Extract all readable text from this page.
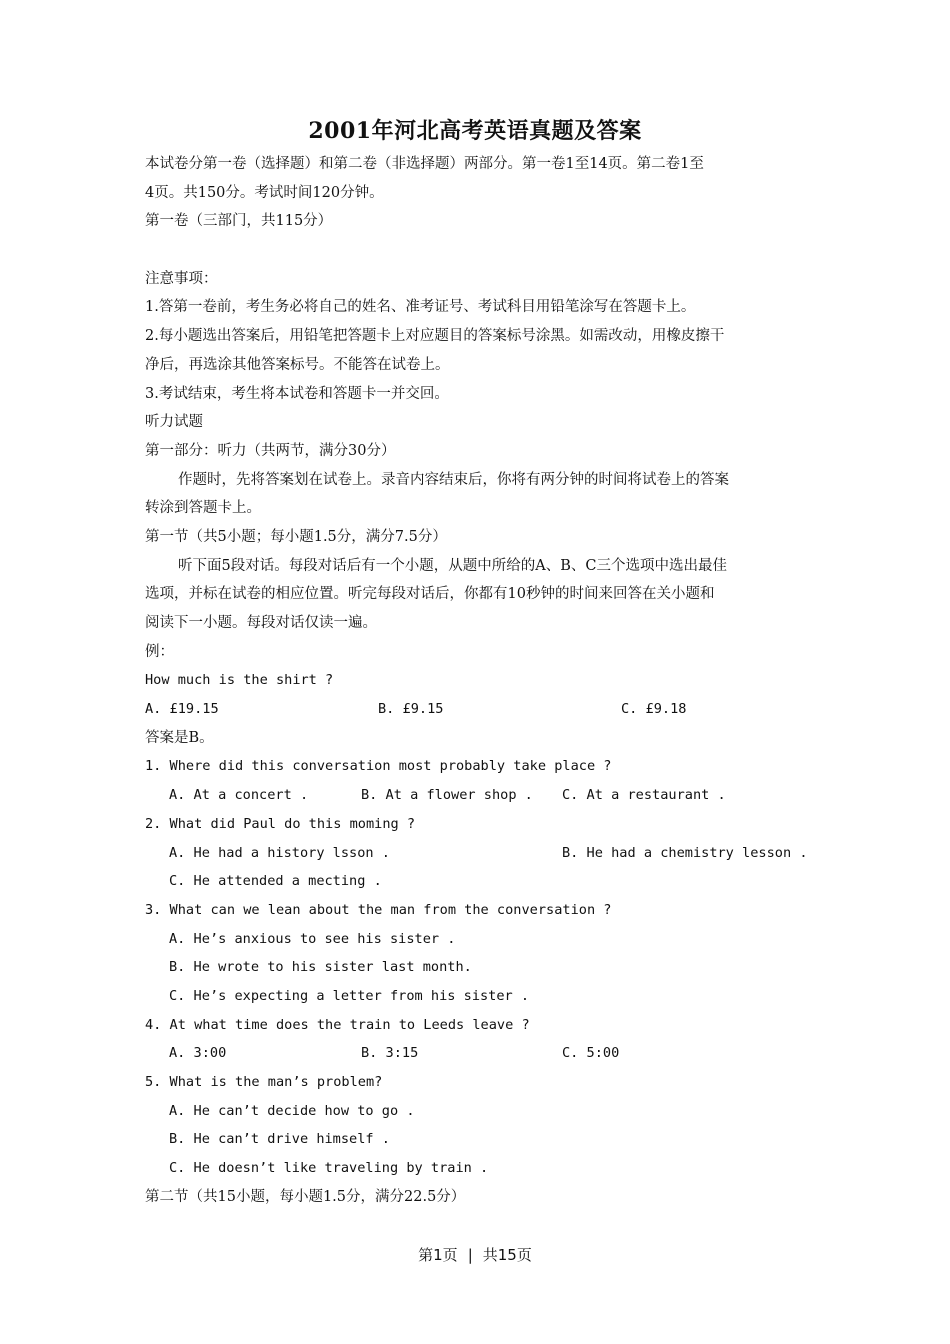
2001年河北高考英语真题及答案
本试卷分第一卷（选择题）和第二卷（非选择题）两部分。第一卷1至14页。第二卷1至
4页。共150分。考试时间120分钟。
第一卷（三部门，共115分）
注意事项：
1.答第一卷前，考生务必将自己的姓名、准考证号、考试科目用铅笔涂写在答题卡上。
2.每小题选出答案后，用铅笔把答题卡上对应题目的答案标号涂黑。如需改动，用橡皮擦干
净后，再选涂其他答案标号。不能答在试卷上。
3.考试结束，考生将本试卷和答题卡一并交回。
听力试题
第一部分：听力（共两节，满分30分）
作题时，先将答案划在试卷上。录音内容结束后，你将有两分钟的时间将试卷上的答案
转涂到答题卡上。
第一节（共5小题；每小题1.5分，满分7.5分）
听下面5段对话。每段对话后有一个小题，从题中所给的A、B、C三个选项中选出最佳
选项，并标在试卷的相应位置。听完每段对话后，你都有10秒钟的时间来回答在关小题和
阅读下一小题。每段对话仅读一遍。
例：
How much is the shirt ?
A. £19.15	B. £9.15	C. £9.18
答案是B。
1. Where did this conversation most probably take place ?
A. At a concert .	B. At a flower shop .	C. At a restaurant .
2. What did Paul do this moming ?
A. He had a history lsson .	B. He had a chemistry lesson .
C. He attended a mecting .
3. What can we lean about the man from the conversation ?
A. He’s anxious to see his sister .
B. He wrote to his sister last month.
C. He’s expecting a letter from his sister .
4. At what time does the train to Leeds leave ?
A. 3:00	B. 3:15	C. 5:00
5. What is the man’s problem?
A. He can’t decide how to go .
B. He can’t drive himself .
C. He doesn’t like traveling by train .
第二节（共15小题，每小题1.5分，满分22.5分）
第1页 | 共15页
